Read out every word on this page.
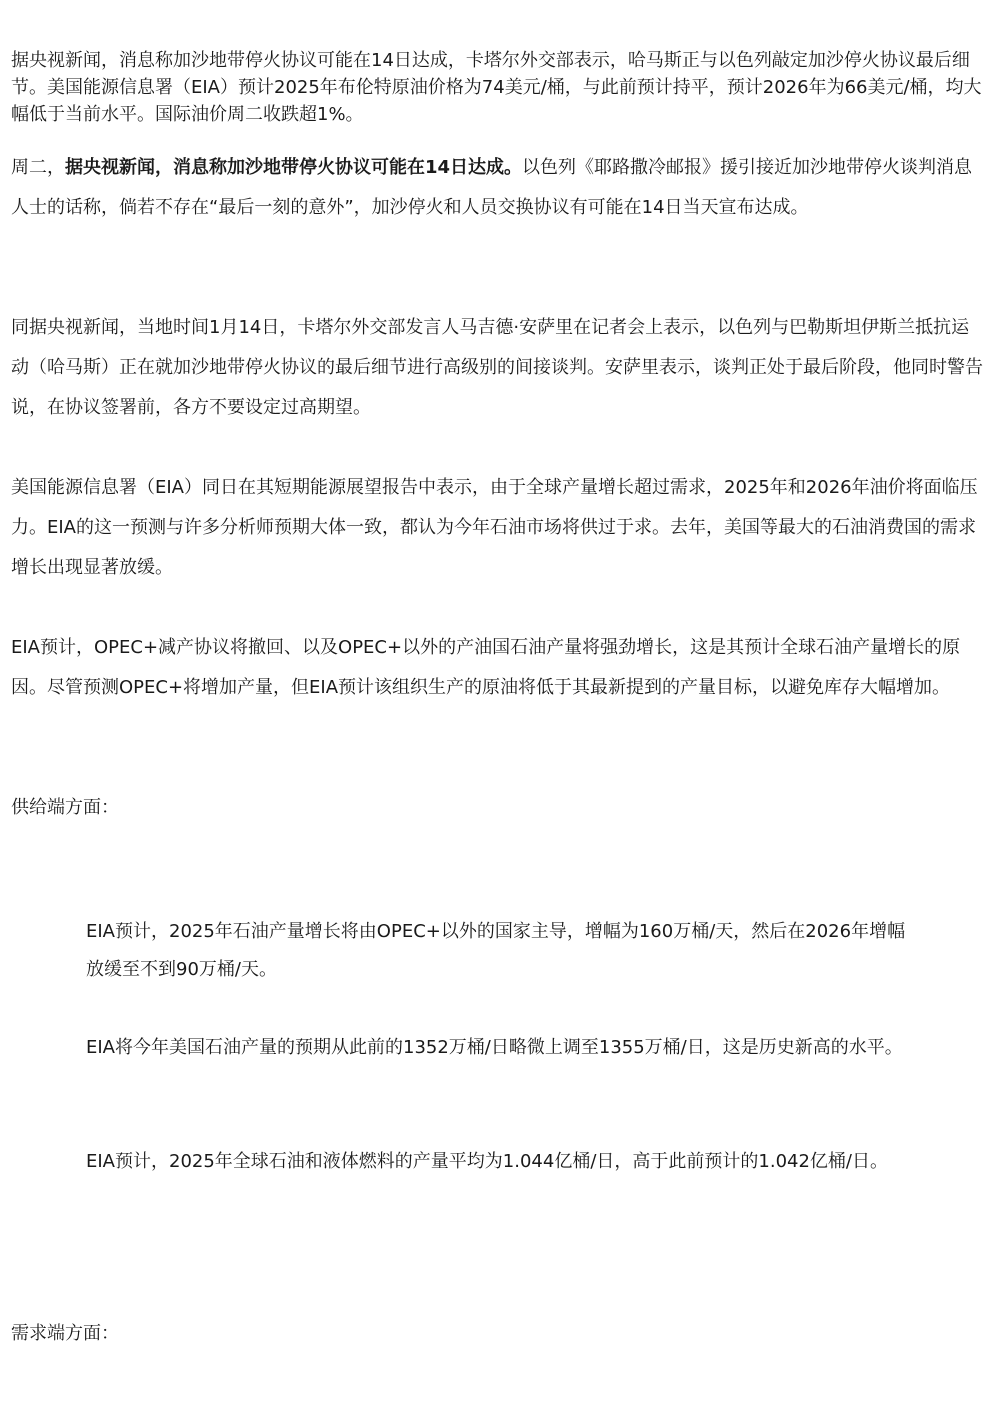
据央视新闻，消息称加沙地带停火协议可能在14日达成，卡塔尔外交部表示，哈马斯正与以色列敲定加沙停火协议最后细节。美国能源信息署（EIA）预计2025年布伦特原油价格为74美元/桶，与此前预计持平，预计2026年为66美元/桶，均大幅低于当前水平。国际油价周二收跌超1%。

周二，据央视新闻，消息称加沙地带停火协议可能在14日达成。以色列《耶路撒冷邮报》援引接近加沙地带停火谈判消息人士的话称，倘若不存在“最后一刻的意外”，加沙停火和人员交换协议有可能在14日当天宣布达成。

同据央视新闻，当地时间1月14日，卡塔尔外交部发言人马吉德·安萨里在记者会上表示，以色列与巴勒斯坦伊斯兰抵抗运动（哈马斯）正在就加沙地带停火协议的最后细节进行高级别的间接谈判。安萨里表示，谈判正处于最后阶段，他同时警告说，在协议签署前，各方不要设定过高期望。

美国能源信息署（EIA）同日在其短期能源展望报告中表示，由于全球产量增长超过需求，2025年和2026年油价将面临压力。EIA的这一预测与许多分析师预期大体一致，都认为今年石油市场将供过于求。去年，美国等最大的石油消费国的需求增长出现显著放缓。

EIA预计，OPEC+减产协议将撤回、以及OPEC+以外的产油国石油产量将强劲增长，这是其预计全球石油产量增长的原因。尽管预测OPEC+将增加产量，但EIA预计该组织生产的原油将低于其最新提到的产量目标，以避免库存大幅增加。

供给端方面：

EIA预计，2025年石油产量增长将由OPEC+以外的国家主导，增幅为160万桶/天，然后在2026年增幅放缓至不到90万桶/天。

EIA将今年美国石油产量的预期从此前的1352万桶/日略微上调至1355万桶/日，这是历史新高的水平。

EIA预计，2025年全球石油和液体燃料的产量平均为1.044亿桶/日，高于此前预计的1.042亿桶/日。

需求端方面：
